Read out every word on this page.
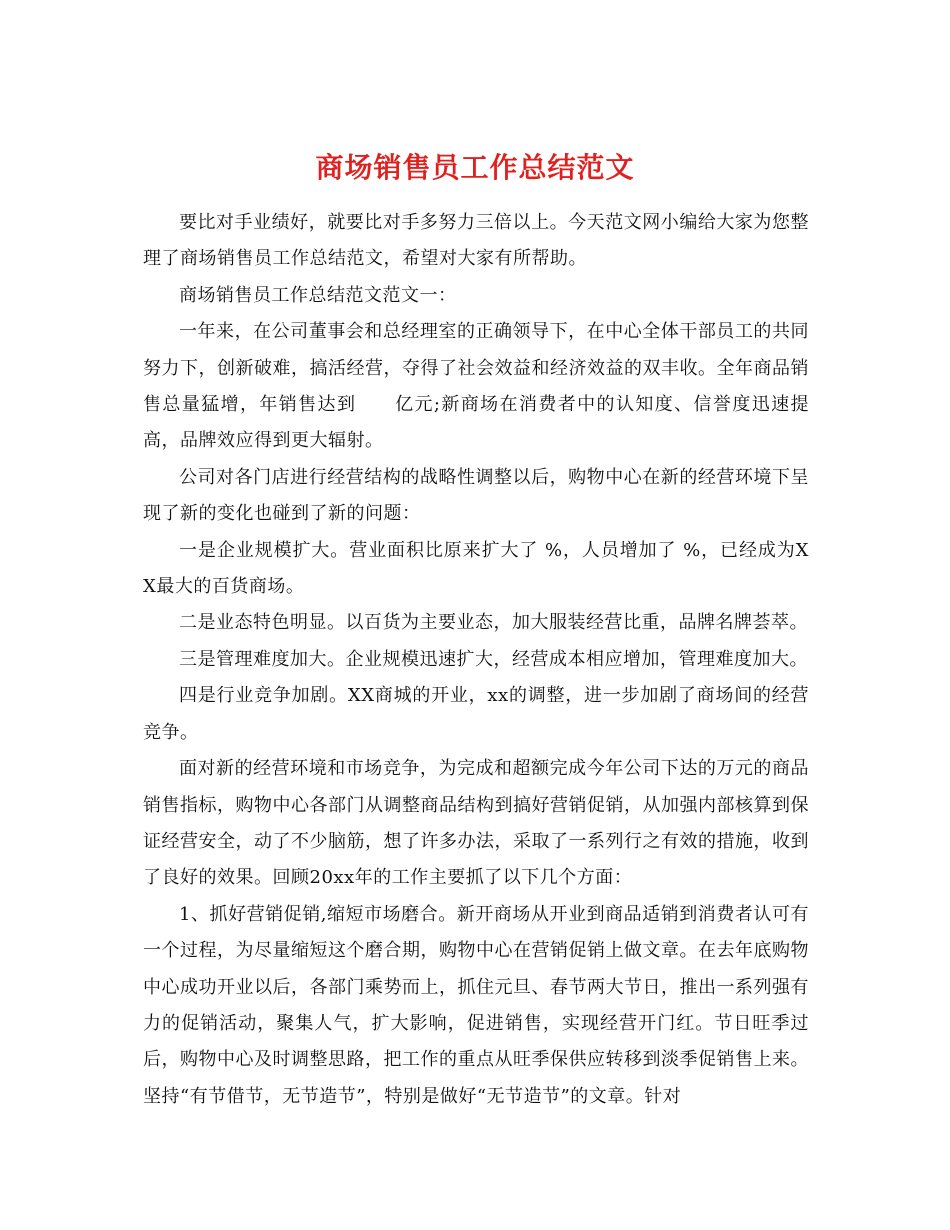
商场销售员工作总结范文

要比对手业绩好，就要比对手多努力三倍以上。今天范文网小编给大家为您整理了商场销售员工作总结范文，希望对大家有所帮助。

商场销售员工作总结范文范文一：

一年来，在公司董事会和总经理室的正确领导下，在中心全体干部员工的共同努力下，创新破难，搞活经营，夺得了社会效益和经济效益的双丰收。全年商品销售总量猛增，年销售达到　　亿元;新商场在消费者中的认知度、信誉度迅速提高，品牌效应得到更大辐射。

公司对各门店进行经营结构的战略性调整以后，购物中心在新的经营环境下呈现了新的变化也碰到了新的问题：

一是企业规模扩大。营业面积比原来扩大了 %，人员增加了 %，已经成为X X最大的百货商场。

二是业态特色明显。以百货为主要业态，加大服装经营比重，品牌名牌荟萃。

三是管理难度加大。企业规模迅速扩大，经营成本相应增加，管理难度加大。

四是行业竞争加剧。XX商城的开业，xx的调整，进一步加剧了商场间的经营竞争。

面对新的经营环境和市场竞争，为完成和超额完成今年公司下达的万元的商品销售指标，购物中心各部门从调整商品结构到搞好营销促销，从加强内部核算到保证经营安全，动了不少脑筋，想了许多办法，采取了一系列行之有效的措施，收到了良好的效果。回顾20xx年的工作主要抓了以下几个方面：

1、抓好营销促销,缩短市场磨合。新开商场从开业到商品适销到消费者认可有一个过程，为尽量缩短这个磨合期，购物中心在营销促销上做文章。在去年底购物中心成功开业以后，各部门乘势而上，抓住元旦、春节两大节日，推出一系列强有力的促销活动，聚集人气，扩大影响，促进销售，实现经营开门红。节日旺季过后，购物中心及时调整思路，把工作的重点从旺季保供应转移到淡季促销售上来。坚持“有节借节，无节造节”，特别是做好“无节造节”的文章。针对
